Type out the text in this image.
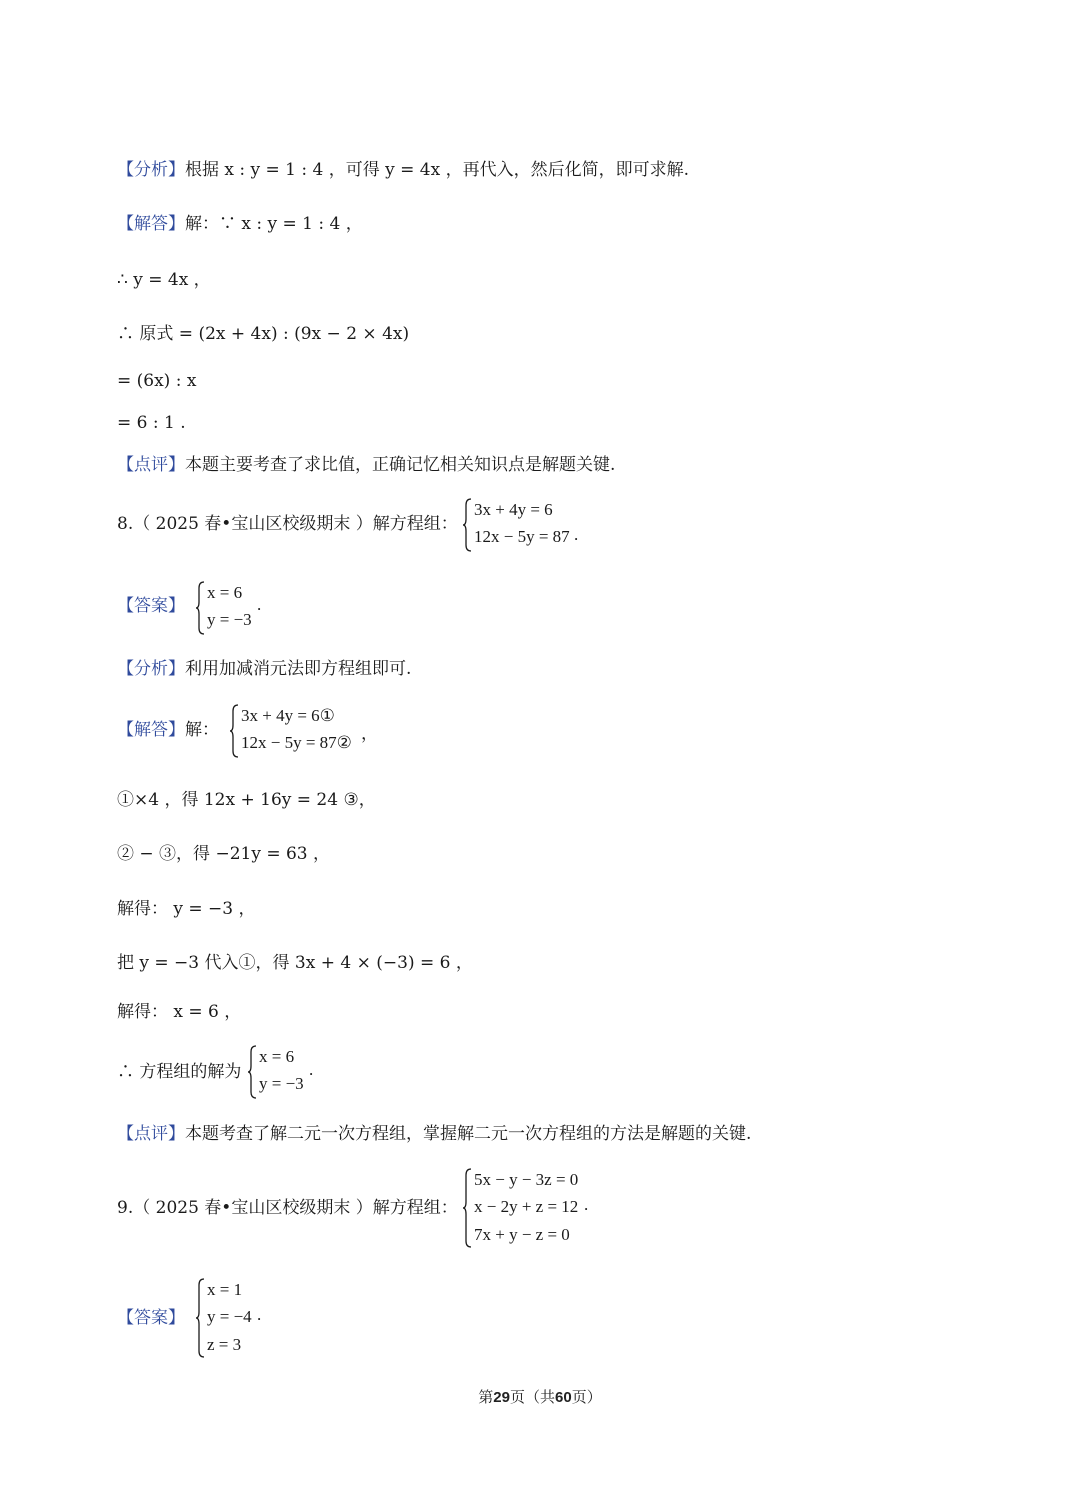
【分析】根据 x : y = 1 : 4 ，可得 y = 4x ，再代入，然后化简，即可求解.
【解答】解：∵ x : y = 1 : 4 ，
∴ y = 4x ，
∴ 原式 = (2x + 4x) : (9x − 2 × 4x)
= (6x) : x
= 6 : 1 .
【点评】本题主要考查了求比值，正确记忆相关知识点是解题关键.
8.（ 2025 春•宝山区校级期末 ）解方程组：
3x + 4y = 6
12x − 5y = 87 .
【答案】
x = 6
y = −3
.
【分析】利用加减消元法即方程组即可.
【解答】解：
3x + 4y = 6①
12x − 5y = 87② ，
①×4 ，得 12x + 16y = 24 ③，
② − ③，得 −21y = 63 ，
解得： y = −3 ，
把 y = −3 代入①，得 3x + 4 × (−3) = 6 ，
解得： x = 6 ，
∴ 方程组的解为
x = 6
y = −3
.
【点评】本题考查了解二元一次方程组，掌握解二元一次方程组的方法是解题的关键.
9.（ 2025 春•宝山区校级期末 ）解方程组：
5x − y − 3z = 0
x − 2y + z = 12
7x + y − z = 0
.
【答案】
x = 1
y = −4
z = 3
.
第29页（共60页）
